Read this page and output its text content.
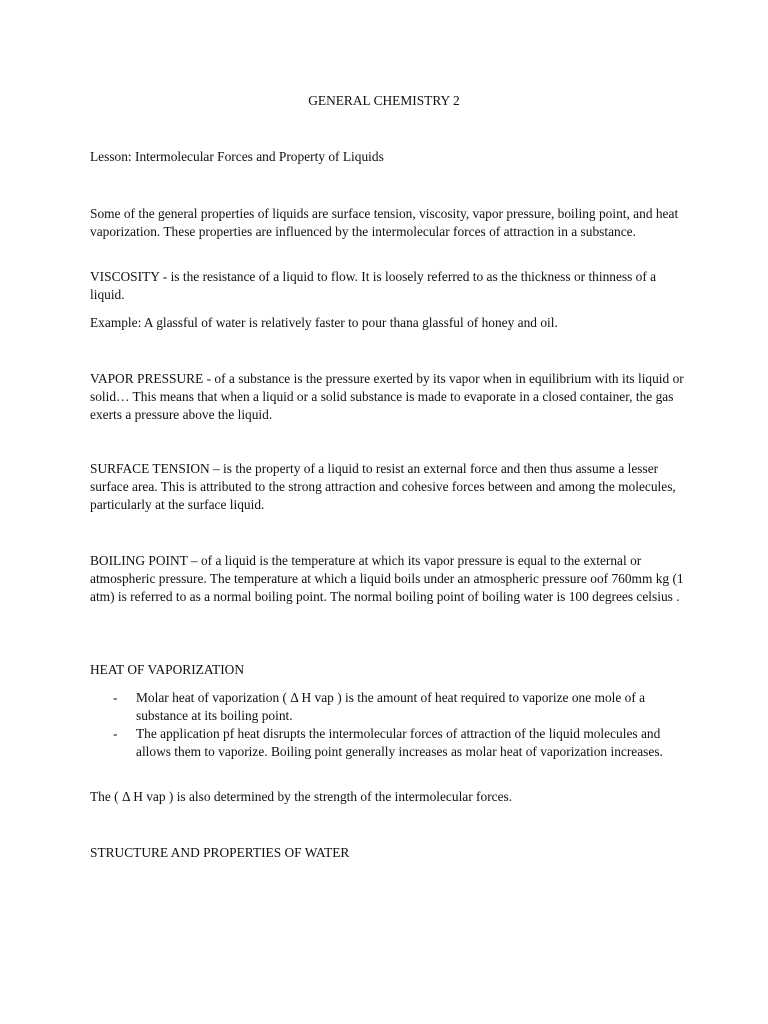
GENERAL CHEMISTRY 2

Lesson: Intermolecular Forces and Property of Liquids

Some of the general properties of liquids are surface tension, viscosity, vapor pressure, boiling point, and heat vaporization. These properties are influenced by the intermolecular forces of attraction in a substance.

VISCOSITY - is the resistance of a liquid to flow. It is loosely referred to as the thickness or thinness of a liquid.

Example: A glassful of water is relatively faster to pour thana glassful of honey and oil.

VAPOR PRESSURE - of a substance is the pressure exerted by its vapor when in equilibrium with its liquid or solid… This means that when a liquid or a solid substance is made to evaporate in a closed container, the gas exerts a pressure above the liquid.

SURFACE TENSION – is the property of a liquid to resist an external force and then thus assume a lesser surface area. This is attributed to the strong attraction and cohesive forces between and among the molecules, particularly at the surface liquid.

BOILING POINT – of a liquid is the temperature at which its vapor pressure is equal to the external or atmospheric pressure. The temperature at which a liquid boils under an atmospheric pressure oof 760mm kg (1 atm) is referred to as a normal boiling point. The normal boiling point of boiling water is 100 degrees celsius .

HEAT OF VAPORIZATION

- Molar heat of vaporization ( Δ H vap ) is the amount of heat required to vaporize one mole of a substance at its boiling point.
- The application pf heat disrupts the intermolecular forces of attraction of the liquid molecules and allows them to vaporize. Boiling point generally increases as molar heat of vaporization increases.

The ( Δ H vap ) is also determined by the strength of the intermolecular forces.

STRUCTURE AND PROPERTIES OF WATER
